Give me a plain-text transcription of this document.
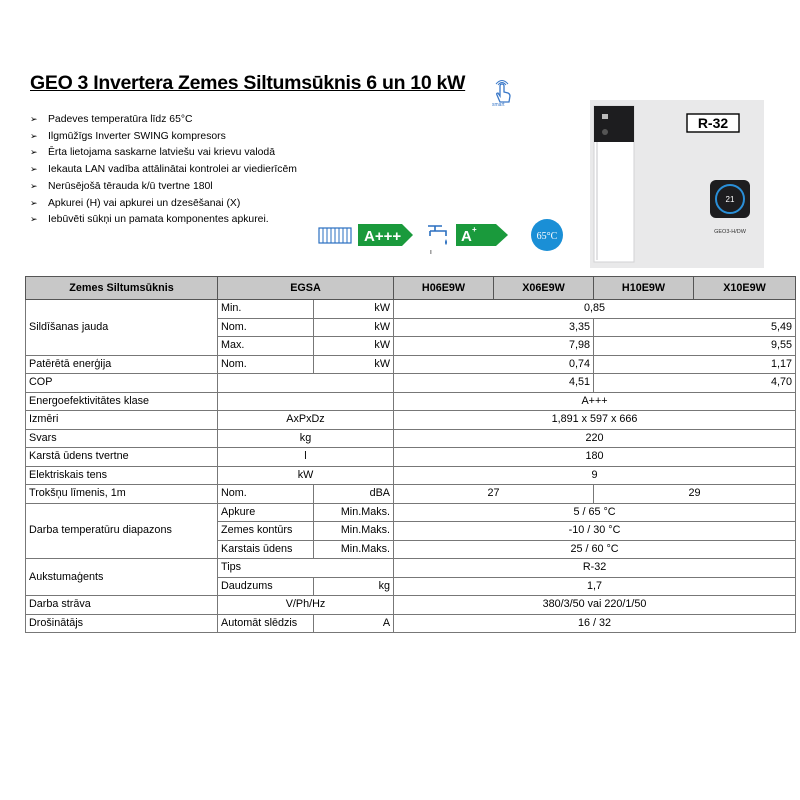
GEO 3 Invertera Zemes Siltumsūknis 6 un 10 kW
smart
➢ Padeves temperatūra līdz 65°C
➢ Ilgmūžīgs Inverter SWING kompresors
➢ Ērta lietojama saskarne latviešu vai krievu valodā
➢ Iekauta LAN vadība attālinātai kontrolei ar viedierīcēm
➢ Nerūsējošā tērauda k/ū tvertne 180l
➢ Apkurei (H) vai apkurei un dzesēšanai (X)
➢ Iebūvēti sūkņi un pamata komponentes apkurei.
A+++
l
A +
65°C
R-32
21
GEO3-H/DW
Zemes Siltumsūknis	EGSA		H06E9W	X06E9W	H10E9W	X10E9W
Sildīšanas jauda	Min.	kW	0,85			
	Nom.	kW	3,35		5,49	
	Max.	kW	7,98		9,55	
Patērētā enerģija	Nom.	kW	0,74		1,17	
COP			4,51		4,70	
Energoefektivitātes klase			A+++			
Izmēri	AxPxDz		1,891 x 597 x 666			
Svars	kg		220			
Karstā ūdens tvertne	l		180			
Elektriskais tens	kW		9			
Trokšņu līmenis, 1m	Nom.	dBA	27		29	
Darba temperatūru diapazons	Apkure	Min.Maks.	5 / 65 °C			
	Zemes kontūrs	Min.Maks.	-10 / 30 °C			
	Karstais ūdens	Min.Maks.	25 / 60 °C			
Aukstumaģents	Tips		R-32			
	Daudzums	kg	1,7			
Darba strāva	V/Ph/Hz		380/3/50 vai 220/1/50			
Drošinātājs	Automāt slēdzis	A	16 / 32			
